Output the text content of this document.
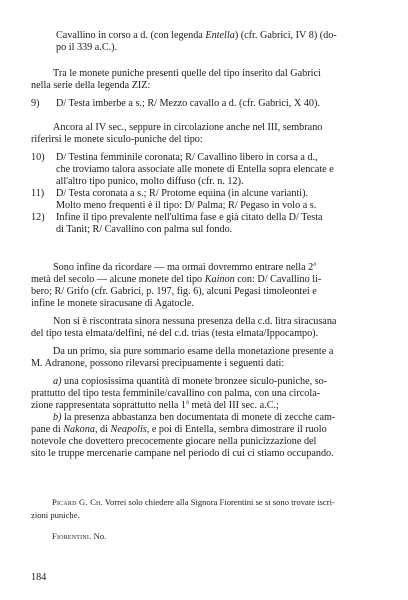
Cavallino in corso a d. (con legenda Entella) (cfr. Gabrici, IV 8) (do-
po il 339 a.C.).
Tra le monete puniche presenti quelle del tipo inserito dal Gabrici
nella serie della legenda ZIZ:
9) D/ Testa imberbe a s.; R/ Mezzo cavallo a d. (cfr. Gabrici, X 40).
Ancora al IV sec., seppure in circolazione anche nel III, sembrano
riferirsi le monete siculo-puniche del tipo:
10) D/ Testina femminile coronata; R/ Cavallino libero in corsa a d.,
che troviamo talora associate alle monete di Entella sopra elencate e
all'altro tipo punico, molto diffuso (cfr. n. 12).
11) D/ Testa coronata a s.; R/ Protome equina (in alcune varianti).
Molto meno frequenti è il tipo: D/ Palma; R/ Pegaso in volo a s.
12) Infine il tipo prevalente nell'ultima fase e già citato della D/ Testa
di Tanit; R/ Cavallino con palma sul fondo.
Sono infine da ricordare — ma ormai dovremmo entrare nella 2$^a$
metà del secolo — alcune monete del tipo Kainon con: D/ Cavallino li-
bero; R/ Grifo (cfr. Gabrici, p. 197, fig. 6), alcuni Pegasi timoleontei e
infine le monete siracusane di Agatocle.
Non si è riscontrata sinora nessuna presenza della c.d. litra siracusana
del tipo testa elmata/delfini, né del c.d. trias (testa elmata/Ippocampo).
Da un primo, sia pure sommario esame della monetazione presente a
M. Adranone, possono rilevarsi precipuamente i seguenti dati:
a) una copiosissima quantità di monete bronzee siculo-puniche, so-
prattutto del tipo testa femminile/cavallino con palma, con una circola-
zione rappresentata soprattutto nella 1$^a$ metà del III sec. a.C.;
b) la presenza abbastanza ben documentata di monete di zecche cam-
pane di Nakona, di Neapolis, e poi di Entella, sembra dimostrare il ruolo
notevole che dovettero precocemente giocare nella punicizzazione del
sito le truppe mercenarie campane nel periodo di cui ci stiamo occupando.
Picard G. Ch. Vorrei solo chiedere alla Signora Fiorentini se si sono trovate iscri-
zioni puniche.
Fiorentini. No.
184
